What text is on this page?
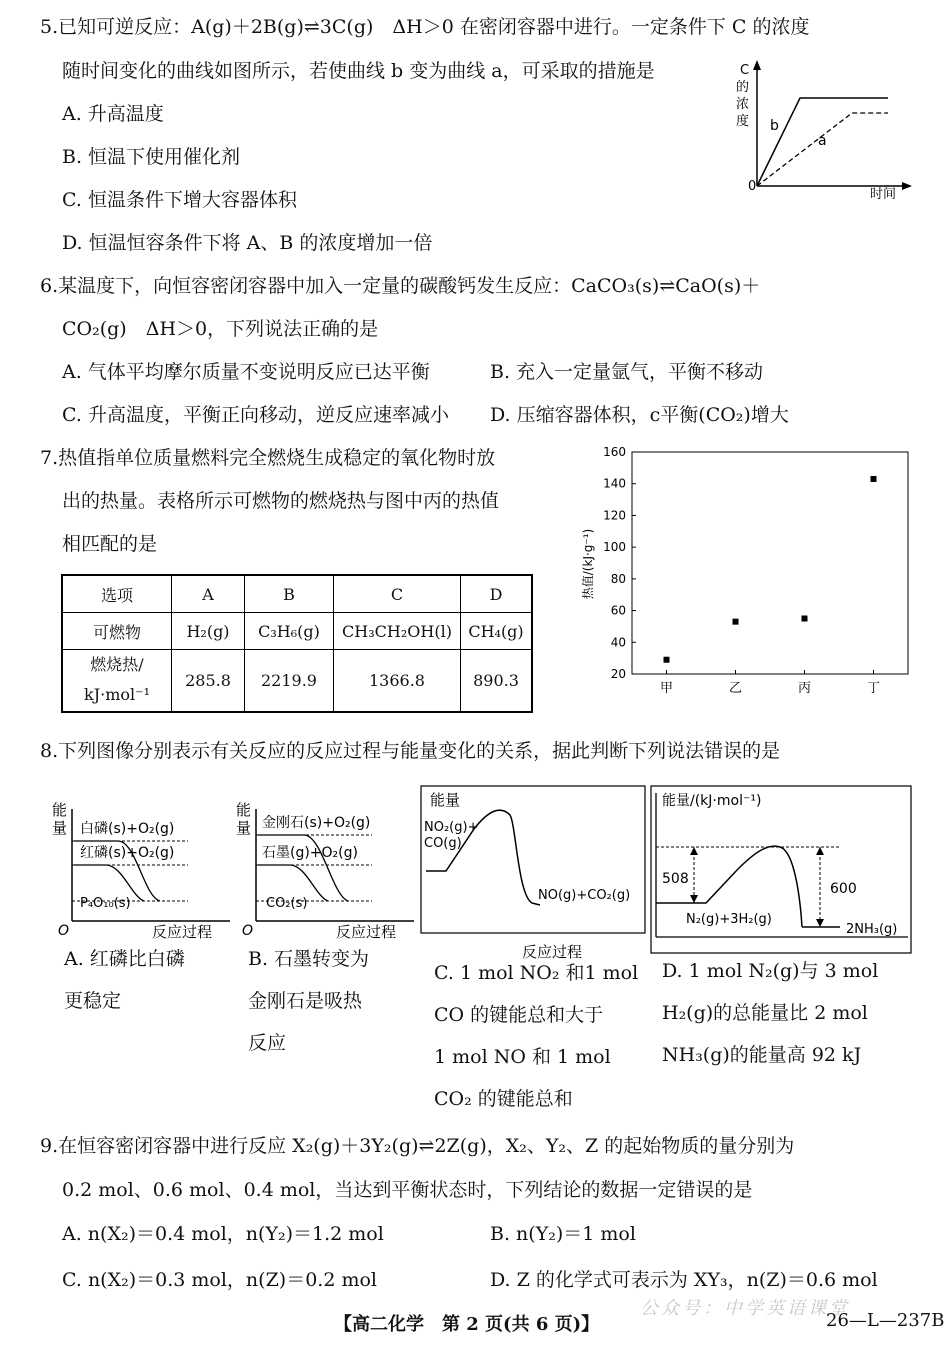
5.已知可逆反应：A(g)＋2B(g)⇌3C(g)　ΔH＞0 在密闭容器中进行。一定条件下 C 的浓度
随时间变化的曲线如图所示，若使曲线 b 变为曲线 a，可采取的措施是
A. 升高温度
B. 恒温下使用催化剂
C. 恒温条件下增大容器体积
D. 恒温恒容条件下将 A、B 的浓度增加一倍
C
的
浓
度 b
a
0
时间
6.某温度下，向恒容密闭容器中加入一定量的碳酸钙发生反应：CaCO₃(s)⇌CaO(s)＋
CO₂(g)　ΔH＞0，下列说法正确的是
A. 气体平均摩尔质量不变说明反应已达平衡	B. 充入一定量氩气，平衡不移动
C. 升高温度，平衡正向移动，逆反应速率减小 D. 压缩容器体积，c平衡(CO₂)增大
7.热值指单位质量燃料完全燃烧生成稳定的氧化物时放
出的热量。表格所示可燃物的燃烧热与图中丙的热值
相匹配的是
选项	A	B	C	D
可燃物	H₂(g)	C₃H₆(g)	CH₃CH₂OH(l)	CH₄(g)

燃烧热/
kJ·mol⁻¹	285.8	2219.9	1366.8	890.3
热值/(kJ·g⁻¹)
20
40
60
80
100
120
140
160
甲	乙	丙	丁
8.下列图像分别表示有关反应的反应过程与能量变化的关系，据此判断下列说法错误的是
能
量 白磷(s)+O₂(g)
红磷(s)+O₂(g)
P₄O₁₀(s)
O	反应过程
能
量 金刚石(s)+O₂(g)
石墨(g)+O₂(g)
CO₂(s)
O	反应过程
能量
NO₂(g)+
CO(g)
NO(g)+CO₂(g)
反应过程
能量/(kJ·mol⁻¹)
508
600
N₂(g)+3H₂(g)
2NH₃(g)
A. 红磷比白磷
更稳定
B. 石墨转变为
金刚石是吸热
反应
C. 1 mol NO₂ 和1 mol
CO 的键能总和大于
1 mol NO 和 1 mol
CO₂ 的键能总和
D. 1 mol N₂(g)与 3 mol
H₂(g)的总能量比 2 mol
NH₃(g)的能量高 92 kJ
9.在恒容密闭容器中进行反应 X₂(g)＋3Y₂(g)⇌2Z(g)，X₂、Y₂、Z 的起始物质的量分别为
0.2 mol、0.6 mol、0.4 mol，当达到平衡状态时，下列结论的数据一定错误的是
A. n(X₂)＝0.4 mol，n(Y₂)＝1.2 mol	B. n(Y₂)＝1 mol
C. n(X₂)＝0.3 mol，n(Z)＝0.2 mol	D. Z 的化学式可表示为 XY₃，n(Z)＝0.6 mol
公众号：中学英语课堂
【高二化学　第 2 页(共 6 页)】	26—L—237B
